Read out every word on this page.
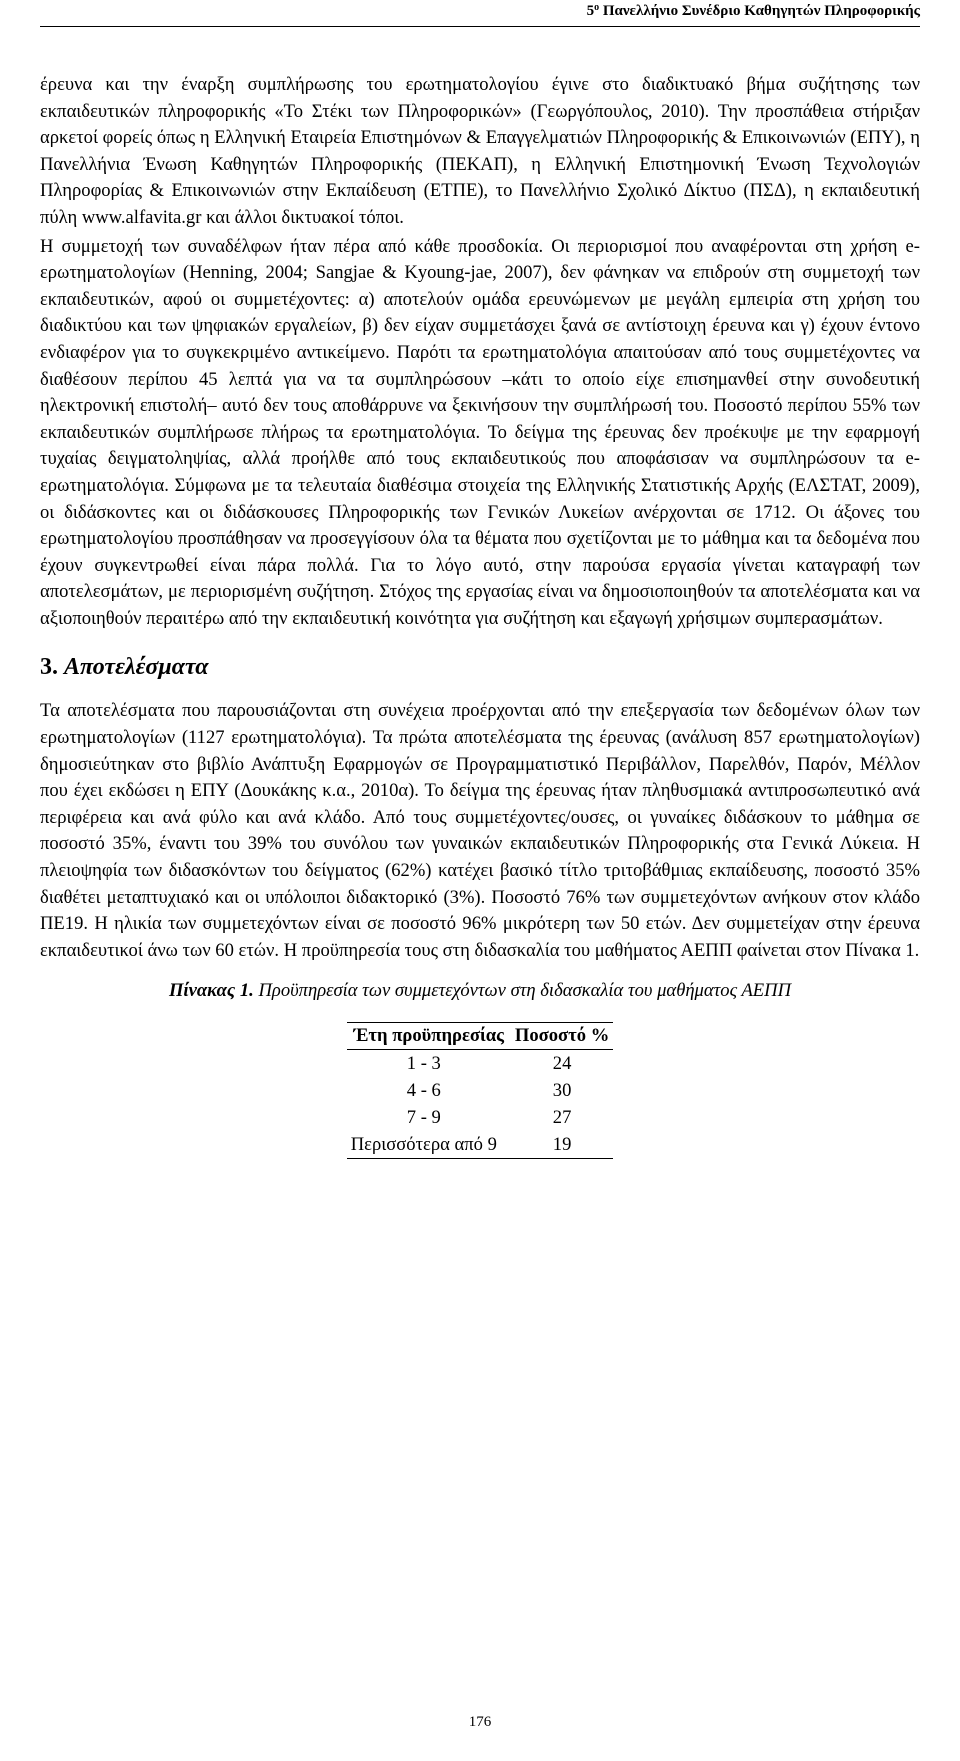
$5^o$ Πανελλήνιο Συνέδριο Καθηγητών Πληροφορικής

έρευνα και την έναρξη συμπλήρωσης του ερωτηματολογίου έγινε στο διαδικτυακό βήμα συζήτησης των εκπαιδευτικών πληροφορικής «Το Στέκι των Πληροφορικών» (Γεωργόπουλος, 2010). Την προσπάθεια στήριξαν αρκετοί φορείς όπως η Ελληνική Εταιρεία Επιστημόνων & Επαγγελματιών Πληροφορικής & Επικοινωνιών (ΕΠΥ), η Πανελλήνια Ένωση Καθηγητών Πληροφορικής (ΠΕΚΑΠ), η Ελληνική Επιστημονική Ένωση Τεχνολογιών Πληροφορίας & Επικοινωνιών στην Εκπαίδευση (ΕΤΠΕ), το Πανελλήνιο Σχολικό Δίκτυο (ΠΣΔ), η εκπαιδευτική πύλη www.alfavita.gr και άλλοι δικτυακοί τόποι.

Η συμμετοχή των συναδέλφων ήταν πέρα από κάθε προσδοκία. Οι περιορισμοί που αναφέρονται στη χρήση e-ερωτηματολογίων (Henning, 2004; Sangjae & Kyoung-jae, 2007), δεν φάνηκαν να επιδρούν στη συμμετοχή των εκπαιδευτικών, αφού οι συμμετέχοντες: α) αποτελούν ομάδα ερευνώμενων με μεγάλη εμπειρία στη χρήση του διαδικτύου και των ψηφιακών εργαλείων, β) δεν είχαν συμμετάσχει ξανά σε αντίστοιχη έρευνα και γ) έχουν έντονο ενδιαφέρον για το συγκεκριμένο αντικείμενο. Παρότι τα ερωτηματολόγια απαιτούσαν από τους συμμετέχοντες να διαθέσουν περίπου 45 λεπτά για να τα συμπληρώσουν –κάτι το οποίο είχε επισημανθεί στην συνοδευτική ηλεκτρονική επιστολή– αυτό δεν τους αποθάρρυνε να ξεκινήσουν την συμπλήρωσή του. Ποσοστό περίπου 55% των εκπαιδευτικών συμπλήρωσε πλήρως τα ερωτηματολόγια. Το δείγμα της έρευνας δεν προέκυψε με την εφαρμογή τυχαίας δειγματοληψίας, αλλά προήλθε από τους εκπαιδευτικούς που αποφάσισαν να συμπληρώσουν τα e-ερωτηματολόγια. Σύμφωνα με τα τελευταία διαθέσιμα στοιχεία της Ελληνικής Στατιστικής Αρχής (ΕΛΣΤΑΤ, 2009), οι διδάσκοντες και οι διδάσκουσες Πληροφορικής των Γενικών Λυκείων ανέρχονται σε 1712. Οι άξονες του ερωτηματολογίου προσπάθησαν να προσεγγίσουν όλα τα θέματα που σχετίζονται με το μάθημα και τα δεδομένα που έχουν συγκεντρωθεί είναι πάρα πολλά. Για το λόγο αυτό, στην παρούσα εργασία γίνεται καταγραφή των αποτελεσμάτων, με περιορισμένη συζήτηση. Στόχος της εργασίας είναι να δημοσιοποιηθούν τα αποτελέσματα και να αξιοποιηθούν περαιτέρω από την εκπαιδευτική κοινότητα για συζήτηση και εξαγωγή χρήσιμων συμπερασμάτων.

3. Αποτελέσματα

Τα αποτελέσματα που παρουσιάζονται στη συνέχεια προέρχονται από την επεξεργασία των δεδομένων όλων των ερωτηματολογίων (1127 ερωτηματολόγια). Τα πρώτα αποτελέσματα της έρευνας (ανάλυση 857 ερωτηματολογίων) δημοσιεύτηκαν στο βιβλίο Ανάπτυξη Εφαρμογών σε Προγραμματιστικό Περιβάλλον, Παρελθόν, Παρόν, Μέλλον που έχει εκδώσει η ΕΠΥ (Δουκάκης κ.α., 2010α). Το δείγμα της έρευνας ήταν πληθυσμιακά αντιπροσωπευτικό ανά περιφέρεια και ανά φύλο και ανά κλάδο. Από τους συμμετέχοντες/ουσες, οι γυναίκες διδάσκουν το μάθημα σε ποσοστό 35%, έναντι του 39% του συνόλου των γυναικών εκπαιδευτικών Πληροφορικής στα Γενικά Λύκεια. Η πλειοψηφία των διδασκόντων του δείγματος (62%) κατέχει βασικό τίτλο τριτοβάθμιας εκπαίδευσης, ποσοστό 35% διαθέτει μεταπτυχιακό και οι υπόλοιποι διδακτορικό (3%). Ποσοστό 76% των συμμετεχόντων ανήκουν στον κλάδο ΠΕ19. Η ηλικία των συμμετεχόντων είναι σε ποσοστό 96% μικρότερη των 50 ετών. Δεν συμμετείχαν στην έρευνα εκπαιδευτικοί άνω των 60 ετών. Η προϋπηρεσία τους στη διδασκαλία του μαθήματος ΑΕΠΠ φαίνεται στον Πίνακα 1.

Πίνακας 1. Προϋπηρεσία των συμμετεχόντων στη διδασκαλία του μαθήματος ΑΕΠΠ
Έτη προϋπηρεσίας	Ποσοστό %
1 - 3	24
4 - 6	30
7 - 9	27
Περισσότερα από 9	19
176
